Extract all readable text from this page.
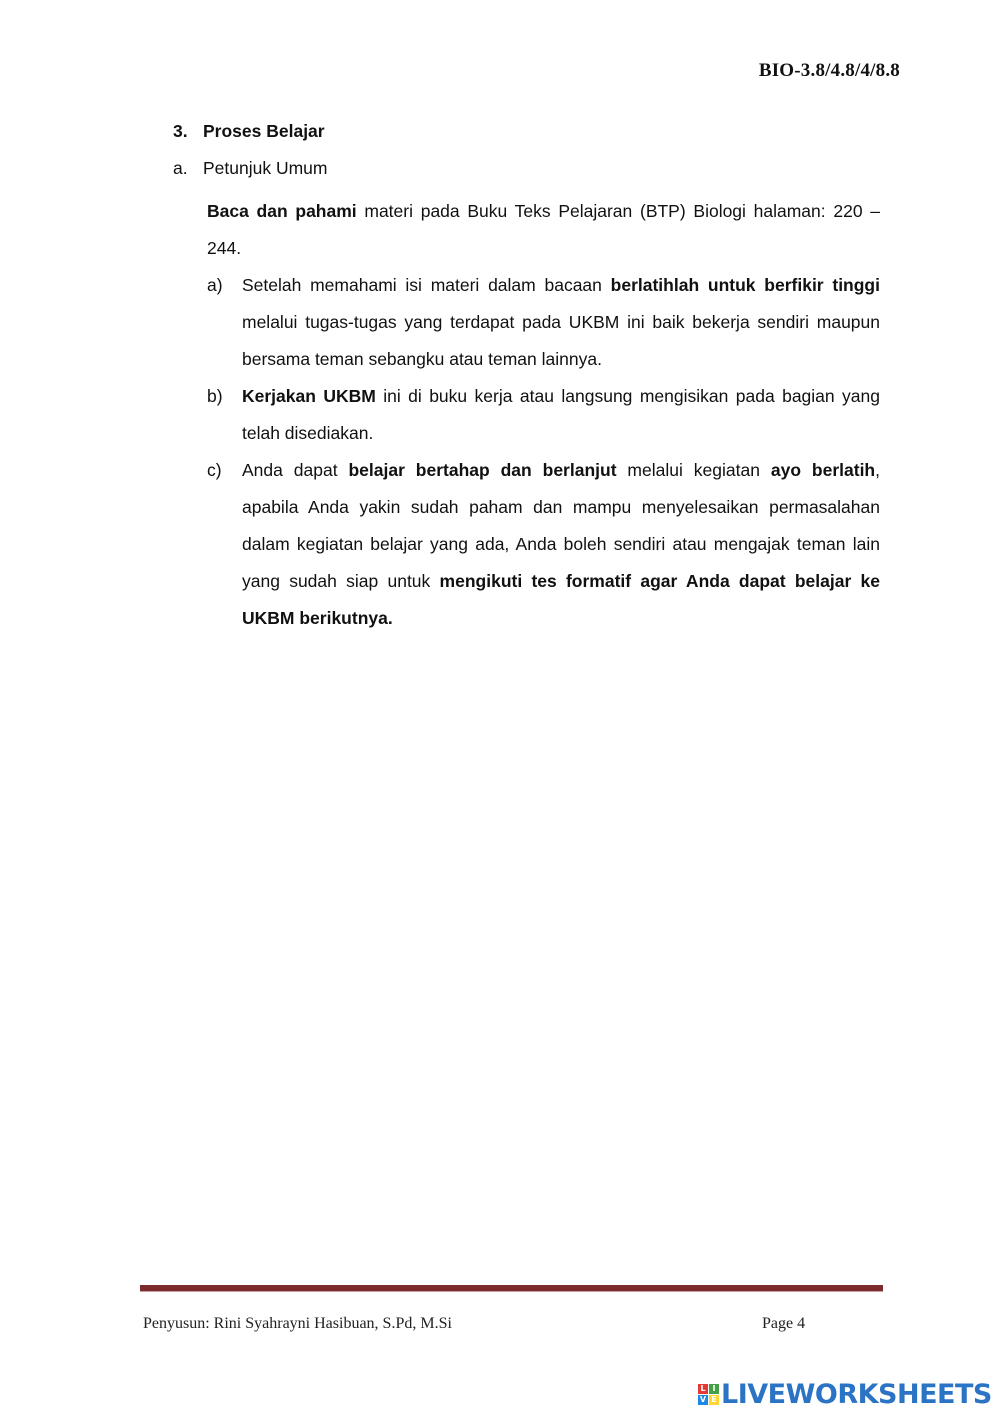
BIO-3.8/4.8/4/8.8
3. Proses Belajar
a. Petunjuk Umum
Baca dan pahami materi pada Buku Teks Pelajaran (BTP) Biologi halaman: 220 – 244.
a) Setelah memahami isi materi dalam bacaan berlatihlah untuk berfikir tinggi melalui tugas-tugas yang terdapat pada UKBM ini baik bekerja sendiri maupun bersama teman sebangku atau teman lainnya.
b) Kerjakan UKBM ini di buku kerja atau langsung mengisikan pada bagian yang telah disediakan.
c) Anda dapat belajar bertahap dan berlanjut melalui kegiatan ayo berlatih, apabila Anda yakin sudah paham dan mampu menyelesaikan permasalahan dalam kegiatan belajar yang ada, Anda boleh sendiri atau mengajak teman lain yang sudah siap untuk mengikuti tes formatif agar Anda dapat belajar ke UKBM berikutnya.
Penyusun: Rini Syahrayni Hasibuan, S.Pd, M.Si	Page 4
L I
V E LIVEWORKSHEETS
